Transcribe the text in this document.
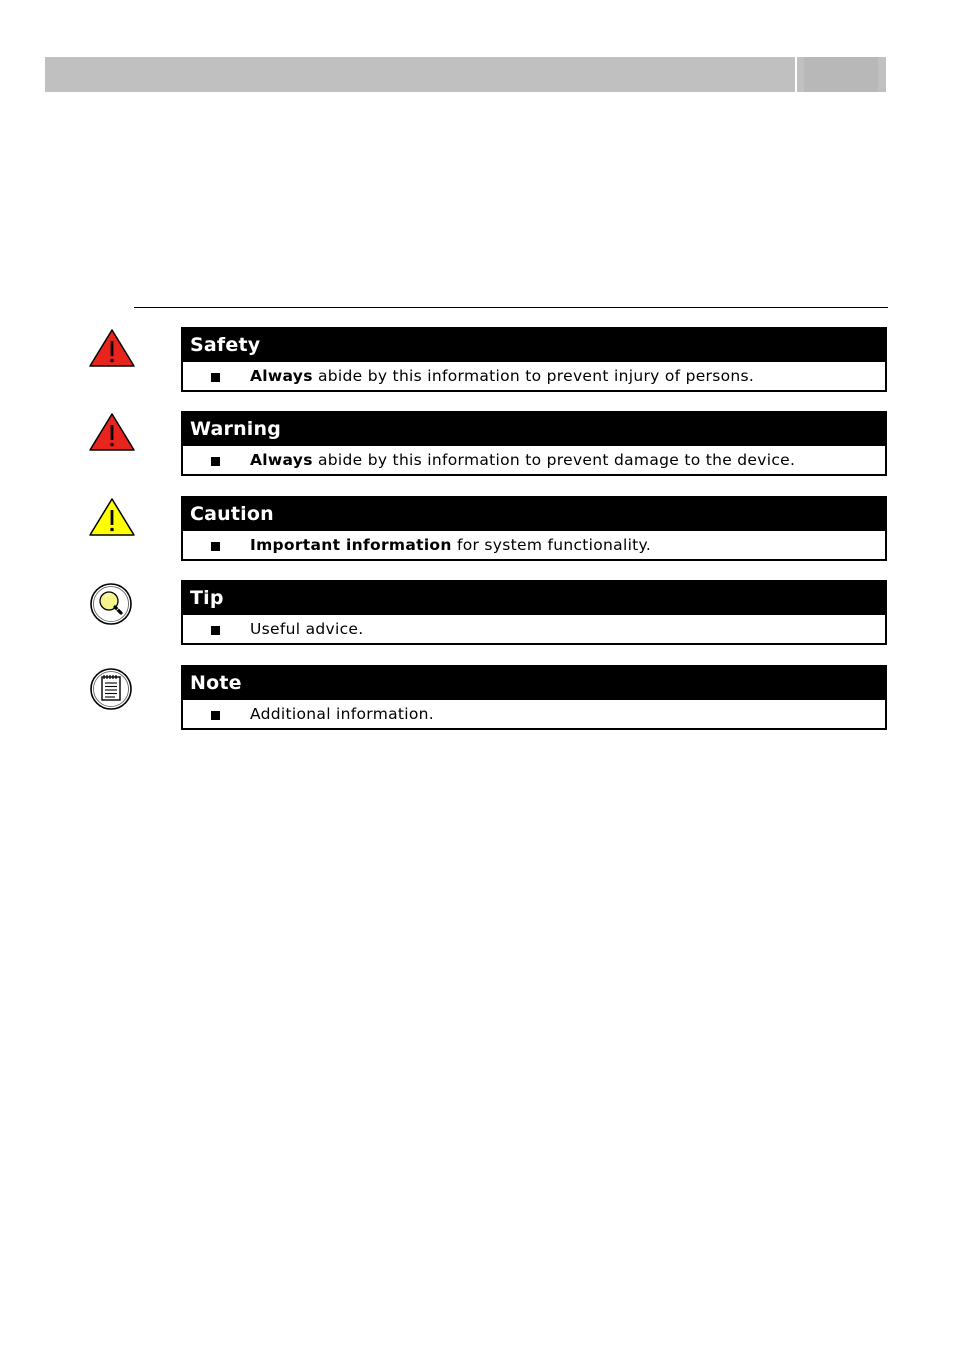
Safety
Always abide by this information to prevent injury of persons.
Warning
Always abide by this information to prevent damage to the device.
Caution
Important information for system functionality.
Tip
Useful advice.
Note
Additional information.
